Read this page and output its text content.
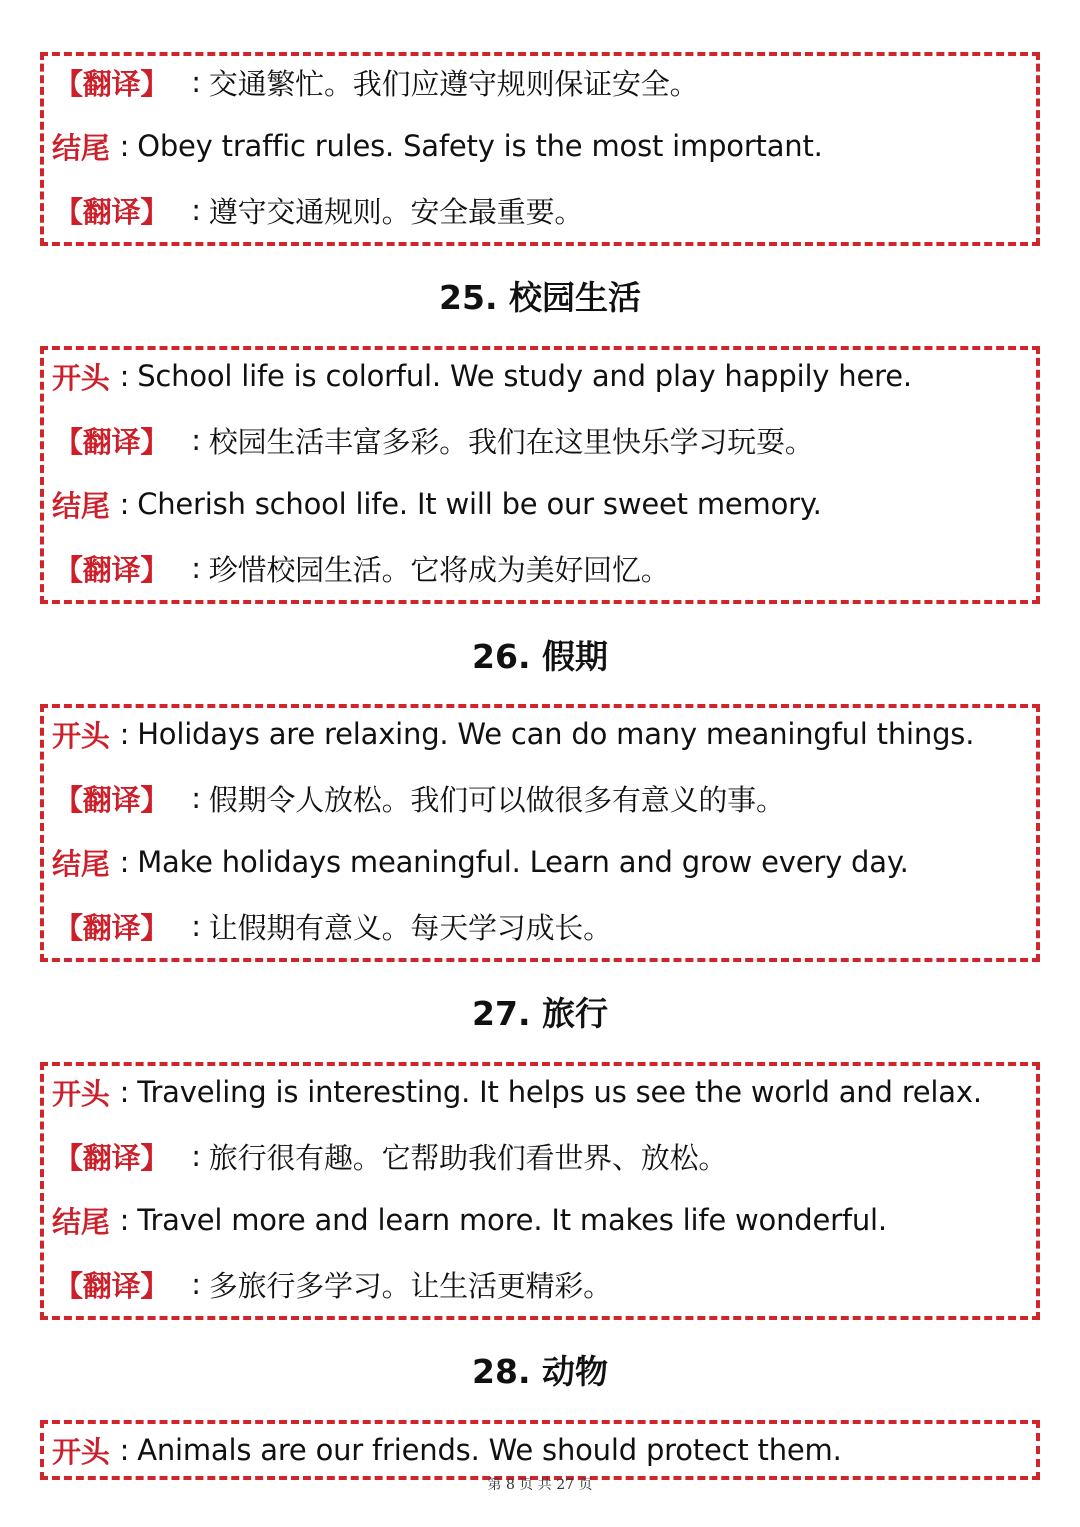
【翻译】 : 交通繁忙。我们应遵守规则保证安全。
结尾 : Obey traffic rules. Safety is the most important.
【翻译】 : 遵守交通规则。安全最重要。
25. 校园生活
开头 : School life is colorful. We study and play happily here.
【翻译】 : 校园生活丰富多彩。我们在这里快乐学习玩耍。
结尾 : Cherish school life. It will be our sweet memory.
【翻译】 : 珍惜校园生活。它将成为美好回忆。
26. 假期
开头 : Holidays are relaxing. We can do many meaningful things.
【翻译】 : 假期令人放松。我们可以做很多有意义的事。
结尾 : Make holidays meaningful. Learn and grow every day.
【翻译】 : 让假期有意义。每天学习成长。
27. 旅行
开头 : Traveling is interesting. It helps us see the world and relax.
【翻译】 : 旅行很有趣。它帮助我们看世界、放松。
结尾 : Travel more and learn more. It makes life wonderful.
【翻译】 : 多旅行多学习。让生活更精彩。
28. 动物
开头 : Animals are our friends. We should protect them.
第 8 页 共 27 页
